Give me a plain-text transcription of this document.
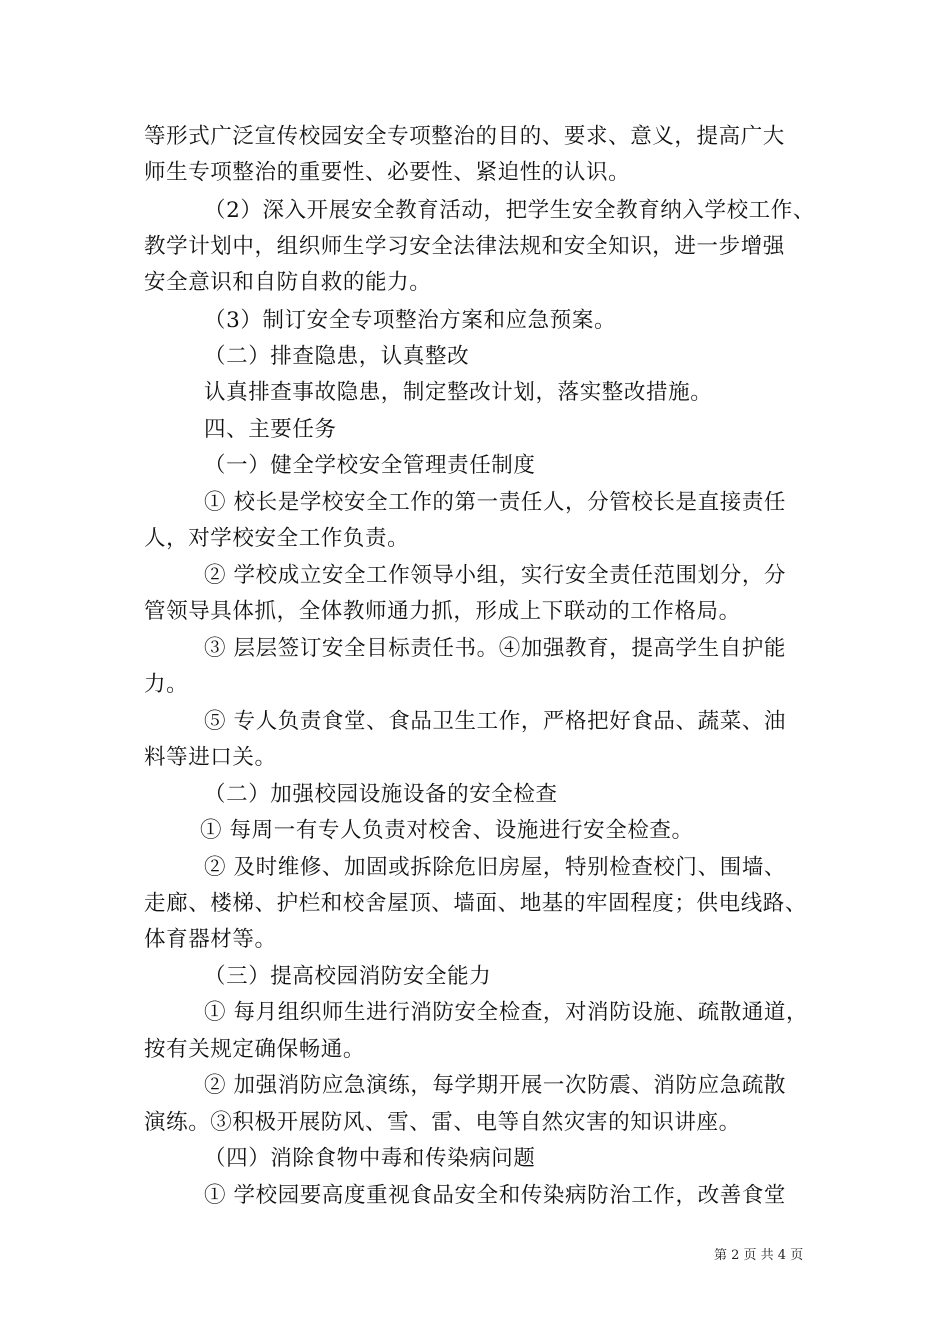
等形式广泛宣传校园安全专项整治的目的、要求、意义，提高广大
师生专项整治的重要性、必要性、紧迫性的认识。
（2）深入开展安全教育活动，把学生安全教育纳入学校工作、
教学计划中，组织师生学习安全法律法规和安全知识，进一步增强
安全意识和自防自救的能力。
（3）制订安全专项整治方案和应急预案。
（二）排查隐患，认真整改
认真排查事故隐患，制定整改计划，落实整改措施。
四、主要任务
（一）健全学校安全管理责任制度
① 校长是学校安全工作的第一责任人，分管校长是直接责任
人，对学校安全工作负责。
② 学校成立安全工作领导小组，实行安全责任范围划分，分
管领导具体抓，全体教师通力抓，形成上下联动的工作格局。
③ 层层签订安全目标责任书。④加强教育，提高学生自护能
力。
⑤ 专人负责食堂、食品卫生工作，严格把好食品、蔬菜、油
料等进口关。
（二）加强校园设施设备的安全检查
① 每周一有专人负责对校舍、设施进行安全检查。
② 及时维修、加固或拆除危旧房屋，特别检查校门、围墙、
走廊、楼梯、护栏和校舍屋顶、墙面、地基的牢固程度；供电线路、
体育器材等。
（三）提高校园消防安全能力
① 每月组织师生进行消防安全检查，对消防设施、疏散通道，
按有关规定确保畅通。
② 加强消防应急演练，每学期开展一次防震、消防应急疏散
演练。③积极开展防风、雪、雷、电等自然灾害的知识讲座。
（四）消除食物中毒和传染病问题
① 学校园要高度重视食品安全和传染病防治工作，改善食堂
第 2 页 共 4 页
